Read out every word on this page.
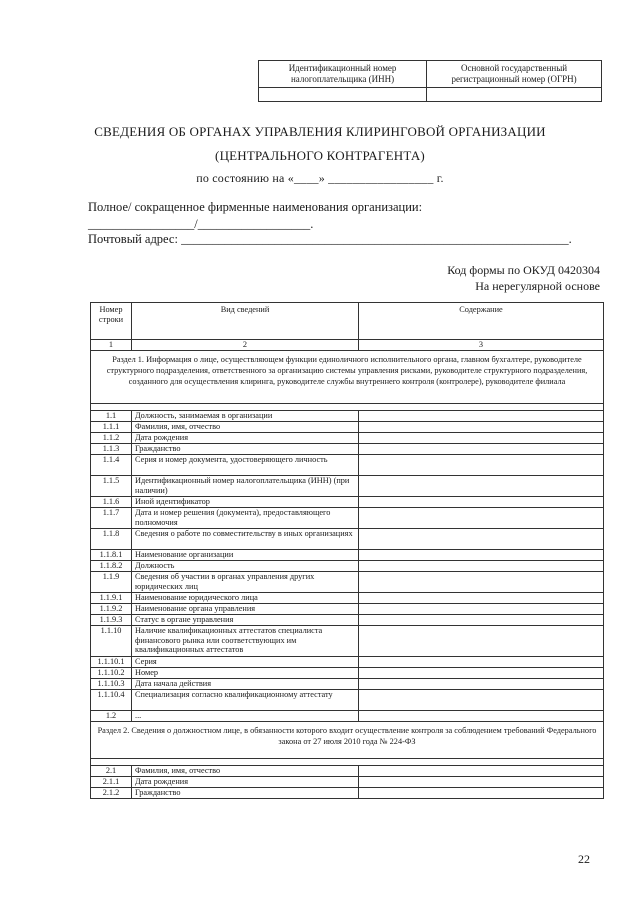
Идентификационный номер налогоплательщика (ИНН)	Основной государственный регистрационный номер (ОГРН)

СВЕДЕНИЯ ОБ ОРГАНАХ УПРАВЛЕНИЯ КЛИРИНГОВОЙ ОРГАНИЗАЦИИ
(ЦЕНТРАЛЬНОГО КОНТРАГЕНТА)
по состоянию на «____» _________________ г.
Полное/ сокращенное фирменные наименования организации:
_________________/__________________.
Почтовый адрес: ______________________________________________________________.
Код формы по ОКУД 0420304
На нерегулярной основе
Номер строки	Вид сведений	Содержание
1	2	3
Раздел 1. Информация о лице, осуществляющем функции единоличного исполнительного органа, главном бухгалтере, руководителе структурного подразделения, ответственного за организацию системы управления рисками, руководителе структурного подразделения, созданного для осуществления клиринга, руководителе службы внутреннего контроля (контролере), руководителе филиала		

1.1	Должность, занимаемая в организации	
1.1.1	Фамилия, имя, отчество	
1.1.2	Дата рождения	
1.1.3	Гражданство	
1.1.4	Серия и номер документа, удостоверяющего личность	
1.1.5	Идентификационный номер налогоплательщика (ИНН) (при наличии)	
1.1.6	Иной идентификатор	
1.1.7	Дата и номер решения (документа), предоставляющего полномочия	
1.1.8	Сведения о работе по совместительству в иных организациях	
1.1.8.1	Наименование организации	
1.1.8.2	Должность	
1.1.9	Сведения об участии в органах управления других юридических лиц	
1.1.9.1	Наименование юридического лица	
1.1.9.2	Наименование органа управления	
1.1.9.3	Статус в органе управления	
1.1.10	Наличие квалификационных аттестатов специалиста финансового рынка или соответствующих им квалификационных аттестатов	
1.1.10.1	Серия	
1.1.10.2	Номер	
1.1.10.3	Дата начала действия	
1.1.10.4	Специализация согласно квалификационному аттестату	
1.2	...	
Раздел 2. Сведения о должностном лице, в обязанности которого входит осуществление контроля за соблюдением требований Федерального закона от 27 июля 2010 года № 224-ФЗ		

2.1	Фамилия, имя, отчество	
2.1.1	Дата рождения	
2.1.2	Гражданство	
22
